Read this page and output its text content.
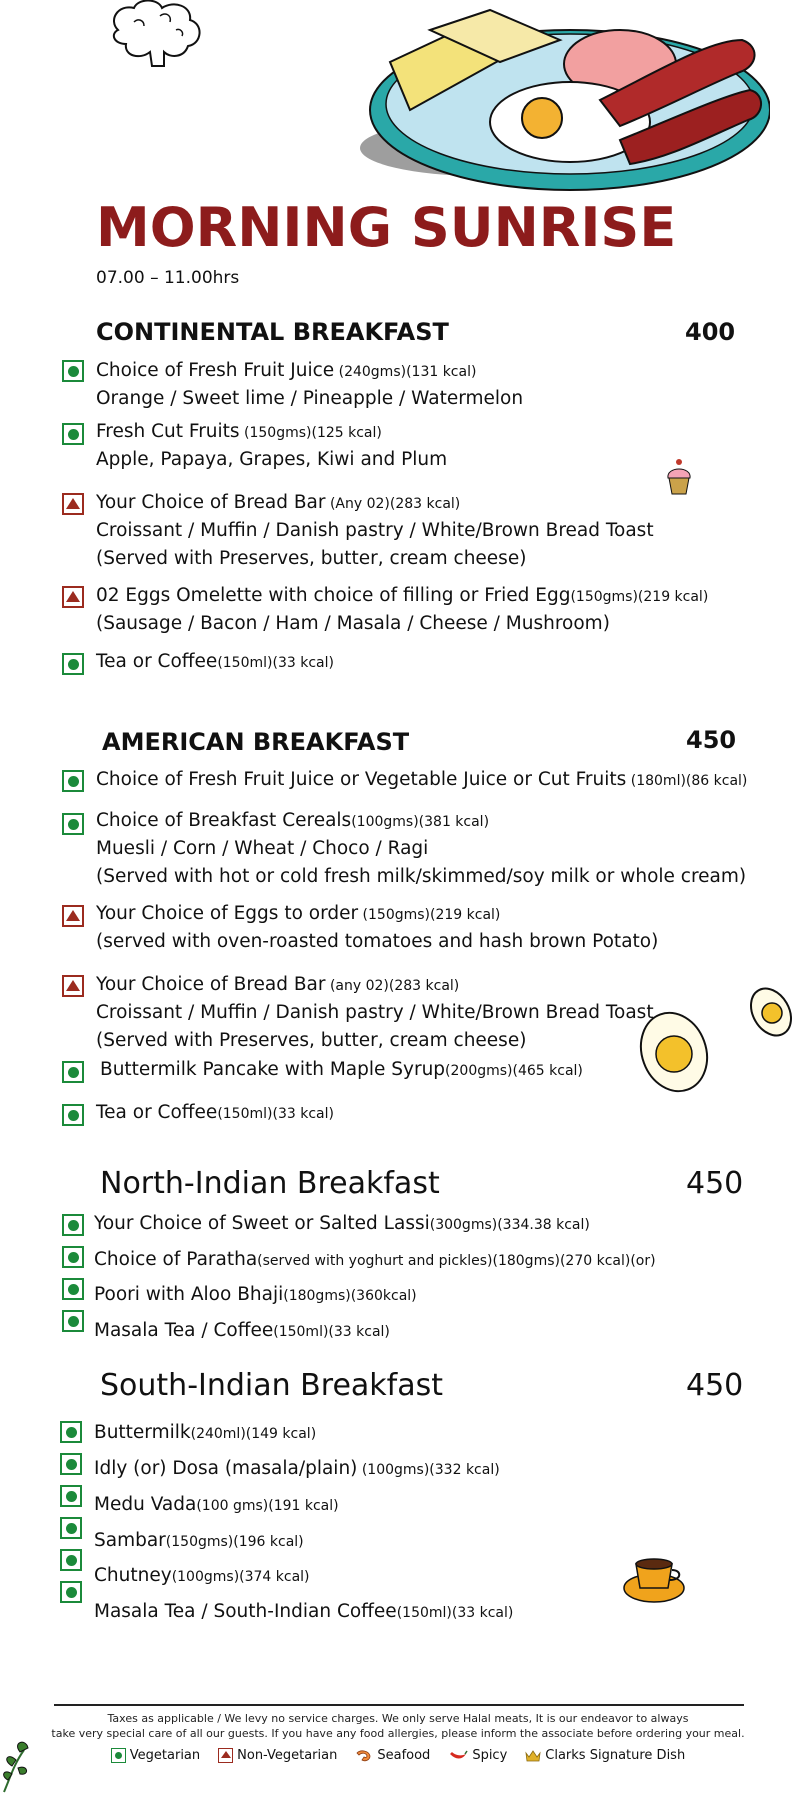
MORNING SUNRISE
07.00 – 11.00hrs
CONTINENTAL BREAKFAST	400
Choice of Fresh Fruit Juice (240gms)(131 kcal)
Orange / Sweet lime / Pineapple / Watermelon
Fresh Cut Fruits (150gms)(125 kcal)
Apple, Papaya, Grapes, Kiwi and Plum
Your Choice of Bread Bar (Any 02)(283 kcal)
Croissant / Muffin / Danish pastry / White/Brown Bread Toast
(Served with Preserves, butter, cream cheese)
02 Eggs Omelette with choice of filling or Fried Egg(150gms)(219 kcal)
(Sausage / Bacon / Ham / Masala / Cheese / Mushroom)
Tea or Coffee(150ml)(33 kcal)
AMERICAN BREAKFAST	450
Choice of Fresh Fruit Juice or Vegetable Juice or Cut Fruits (180ml)(86 kcal)
Choice of Breakfast Cereals(100gms)(381 kcal)
Muesli / Corn / Wheat / Choco / Ragi
(Served with hot or cold fresh milk/skimmed/soy milk or whole cream)
Your Choice of Eggs to order (150gms)(219 kcal)
(served with oven-roasted tomatoes and hash brown Potato)
Your Choice of Bread Bar (any 02)(283 kcal)
Croissant / Muffin / Danish pastry / White/Brown Bread Toast
(Served with Preserves, butter, cream cheese)
Buttermilk Pancake with Maple Syrup(200gms)(465 kcal)
Tea or Coffee(150ml)(33 kcal)
North-Indian Breakfast	450
Your Choice of Sweet or Salted Lassi(300gms)(334.38 kcal)
Choice of Paratha(served with yoghurt and pickles)(180gms)(270 kcal)(or)
Poori with Aloo Bhaji(180gms)(360kcal)
Masala Tea / Coffee(150ml)(33 kcal)
South-Indian Breakfast	450
Buttermilk(240ml)(149 kcal)
Idly (or) Dosa (masala/plain) (100gms)(332 kcal)
Medu Vada(100 gms)(191 kcal)
Sambar(150gms)(196 kcal)
Chutney(100gms)(374 kcal)
Masala Tea / South-Indian Coffee(150ml)(33 kcal)
Taxes as applicable / We levy no service charges. We only serve Halal meats, It is our endeavor to always
take very special care of all our guests. If you have any food allergies, please inform the associate before ordering your meal.
Vegetarian	Non-Vegetarian	Seafood	Spicy	Clarks Signature Dish
